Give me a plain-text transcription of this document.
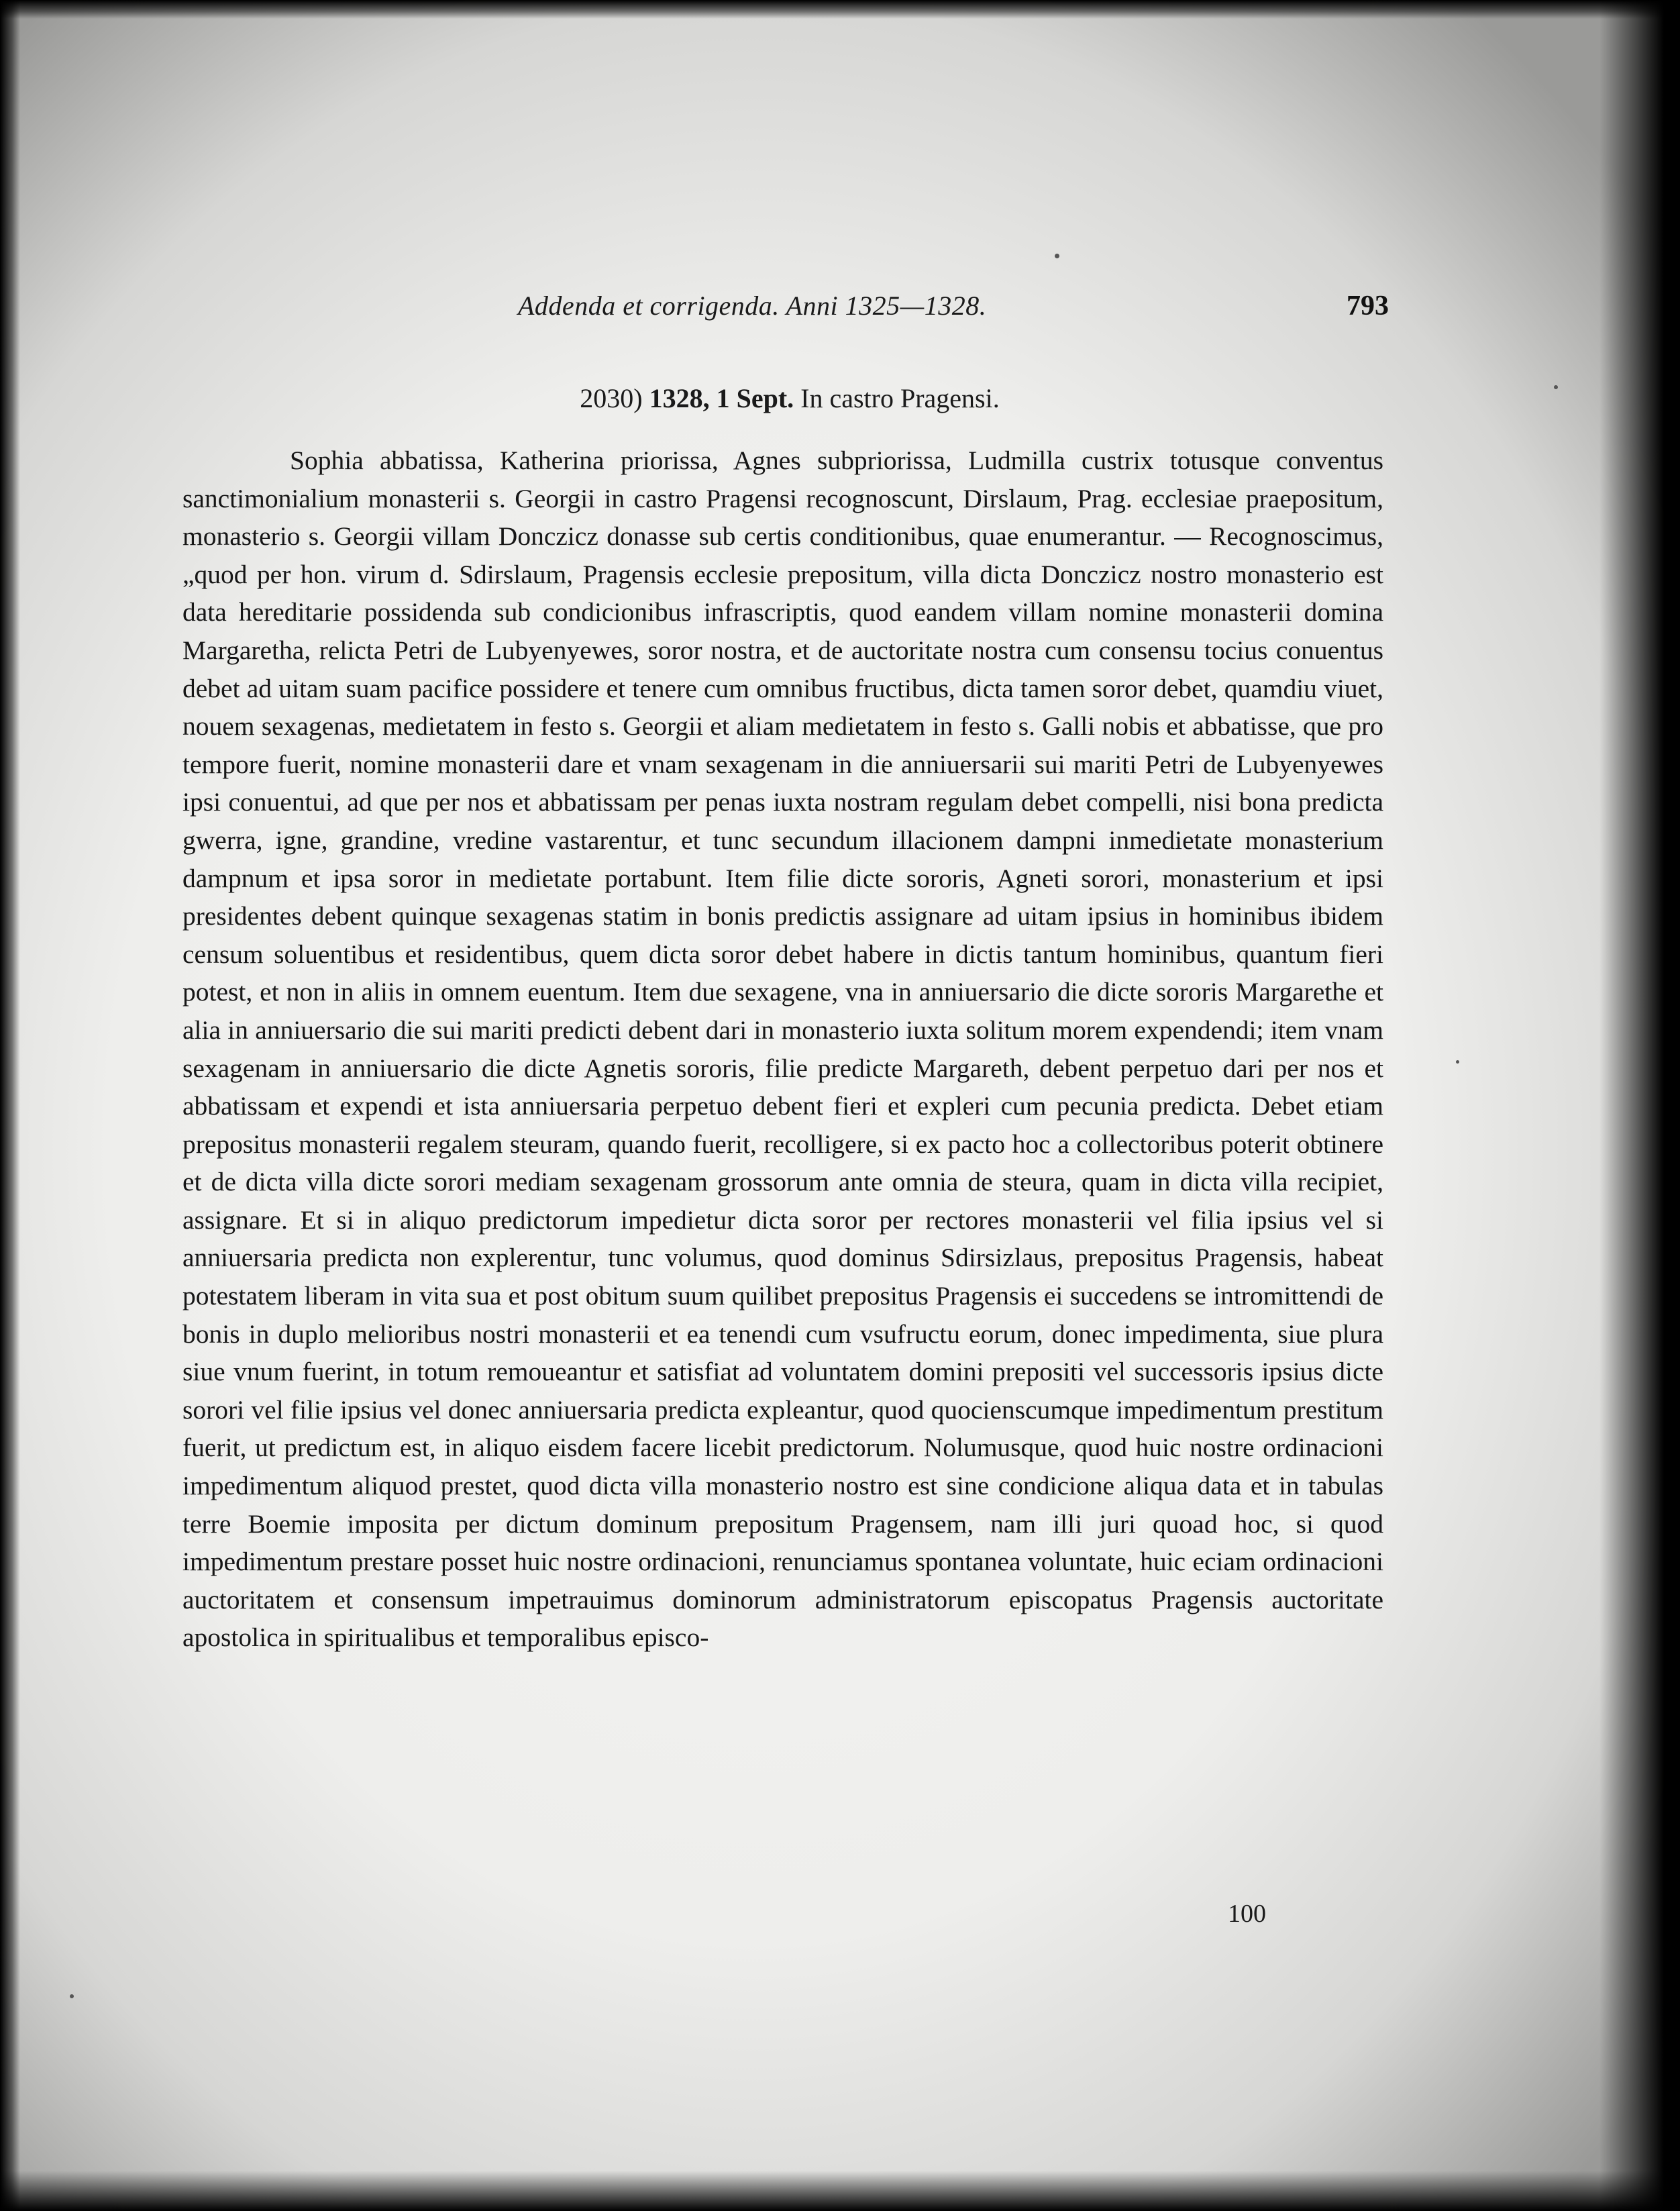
Addenda et corrigenda. Anni 1325—1328.	793
2030) 1328, 1 Sept. In castro Pragensi.

Sophia abbatissa, Katherina priorissa, Agnes subpriorissa, Ludmilla custrix totusque conventus sanctimonialium monasterii s. Georgii in castro Pragensi recognoscunt, Dirslaum, Prag. ecclesiae praepositum, monasterio s. Georgii villam Donczicz donasse sub certis conditionibus, quae enumerantur. — Recognoscimus, „quod per hon. virum d. Sdirslaum, Pragensis ecclesie prepositum, villa dicta Donczicz nostro monasterio est data hereditarie possidenda sub condicionibus infrascriptis, quod eandem villam nomine monasterii domina Margaretha, relicta Petri de Lubyenyewes, soror nostra, et de auctoritate nostra cum consensu tocius conuentus debet ad uitam suam pacifice possidere et tenere cum omnibus fructibus, dicta tamen soror debet, quamdiu viuet, nouem sexagenas, medietatem in festo s. Georgii et aliam medietatem in festo s. Galli nobis et abbatisse, que pro tempore fuerit, nomine monasterii dare et vnam sexagenam in die anniuersarii sui mariti Petri de Lubyenyewes ipsi conuentui, ad que per nos et abbatissam per penas iuxta nostram regulam debet compelli, nisi bona predicta gwerra, igne, grandine, vredine vastarentur, et tunc secundum illacionem dampni inmedietate monasterium dampnum et ipsa soror in medietate portabunt. Item filie dicte sororis, Agneti sorori, monasterium et ipsi presidentes debent quinque sexagenas statim in bonis predictis assignare ad uitam ipsius in hominibus ibidem censum soluentibus et residentibus, quem dicta soror debet habere in dictis tantum hominibus, quantum fieri potest, et non in aliis in omnem euentum. Item due sexagene, vna in anniuersario die dicte sororis Margarethe et alia in anniuersario die sui mariti predicti debent dari in monasterio iuxta solitum morem expendendi; item vnam sexagenam in anniuersario die dicte Agnetis sororis, filie predicte Margareth, debent perpetuo dari per nos et abbatissam et expendi et ista anniuersaria perpetuo debent fieri et expleri cum pecunia predicta. Debet etiam prepositus monasterii regalem steuram, quando fuerit, recolligere, si ex pacto hoc a collectoribus poterit obtinere et de dicta villa dicte sorori mediam sexagenam grossorum ante omnia de steura, quam in dicta villa recipiet, assignare. Et si in aliquo predictorum impedietur dicta soror per rectores monasterii vel filia ipsius vel si anniuersaria predicta non explerentur, tunc volumus, quod dominus Sdirsizlaus, prepositus Pragensis, habeat potestatem liberam in vita sua et post obitum suum quilibet prepositus Pragensis ei succedens se intromittendi de bonis in duplo melioribus nostri monasterii et ea tenendi cum vsufructu eorum, donec impedimenta, siue plura siue vnum fuerint, in totum remoueantur et satisfiat ad voluntatem domini prepositi vel successoris ipsius dicte sorori vel filie ipsius vel donec anniuersaria predicta expleantur, quod quocienscumque impedimentum prestitum fuerit, ut predictum est, in aliquo eisdem facere licebit predictorum. Nolumusque, quod huic nostre ordinacioni impedimentum aliquod prestet, quod dicta villa monasterio nostro est sine condicione aliqua data et in tabulas terre Boemie imposita per dictum dominum prepositum Pragensem, nam illi juri quoad hoc, si quod impedimentum prestare posset huic nostre ordinacioni, renunciamus spontanea voluntate, huic eciam ordinacioni auctoritatem et consensum impetrauimus dominorum administratorum episcopatus Pragensis auctoritate apostolica in spiritualibus et temporalibus episco-

100
